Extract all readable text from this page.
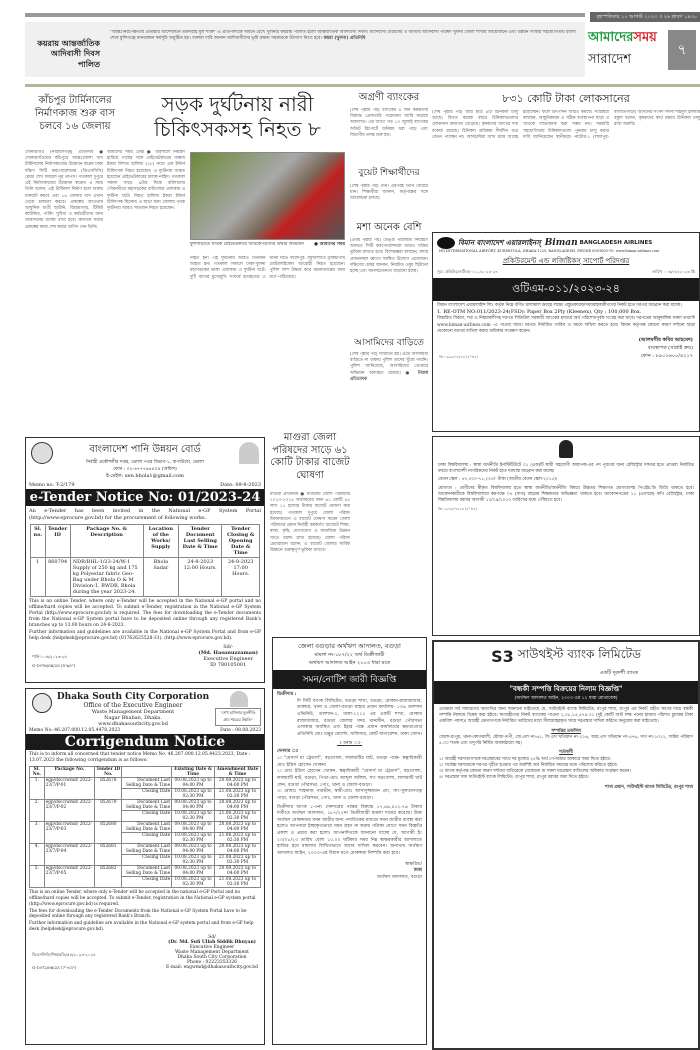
বৃহস্পতিবার ১০ আগস্ট ২০২৩ ॥ ২৬ শ্রাবণ ১৪৩০
কয়রায় আন্তর্জাতিক আদিবাসী দিবস পালিত
"আন্তঃনিরপেক্ষতার প্রতিষ্ঠার আন্দোলনে তরুণরাই মূল শক্তি" এ প্রতিপাদ্যকে সামনে রেখে খুলনার কয়রায় পালিত হলো আন্তর্জাতিক আদিবাসী দিবস। আদিবাসী মেয়েদের ও জাতীয় আদিবাসী পরিষদ খুলনা জেলা শাখার আয়োজনে এবং উন্নয়ন সংস্থার সহযোগিতায় র‍্যালি শেষে মুন্সিগঞ্জে মানববন্ধন কর্মসূচি অনুষ্ঠিত হয়। বক্তারা দাবি জানান আদিবাসীদের ভূমি রক্ষায় সরকারকে উদ্যোগ নিতে হবে। কয়রা (খুলনা) প্রতিনিধি	আমাদেরসময়
সারাদেশ
৭
কাঁচপুর টার্মিনালের নির্মাণকাজ শুরু বাস চলবে ১৬ জেলায়
সোনারগাঁও (নারায়ণগঞ্জ) প্রতিনিধি ● সোনারগাঁওয়ের কাঁচপুরে আন্তঃজেলা বাস টার্মিনালের নির্মাণকাজের উদ্বোধন করেন ঢাকা দক্ষিণ সিটি করপোরেশনের (ডিএসসিসি) মেয়র শেখ ফজলে নূর তাপস। গতকাল দুপুরে এই নির্মাণকাজের উদ্বোধন করেন। এ সময় তিনি বলেন, এই টার্মিনাল নির্মাণ হলে ঢাকার যানজট কমবে এবং ১৬ জেলার বাস এখান থেকে চলাচল করবে। প্রকল্পের আওতায় আধুনিক যাত্রী ছাউনি, বিশ্রামাগার, টিকিট কাউন্টার, পার্কিং সুবিধা ও কর্মচারীদের জন্য আবাসনের ব্যবস্থা রাখা হবে। দ্রুততম সময়ে প্রকল্পের কাজ শেষ করার তাগিদ দেন তিনি।
সড়ক দুর্ঘটনায় নারী চিকিৎসকসহ নিহত ৮
আমাদের সময় ডেস্ক ● বরিশালে নিয়ন্ত্রণ হারিয়ে গাছের সঙ্গে প্রাইভেটকারের ধাক্কায় ইকরা নিশাত হাফিজ (২৮) নামে এক ইন্টার্ন চিকিৎসক নিহত হয়েছেন। এ দুর্ঘটনায় আহত হয়েছেন প্রাইভেটকারের চালক নাহিদ। গতকাল সকাল সাড়ে ৯টার দিকে বরিশালের গৌরনদীতে মহাসড়কের বাটাজোর এলাকায় এ দুর্ঘটনা ঘটে। নিহত হাফিজ ইকরা ইন্টার্ন চিকিৎসক ছিলেন। এ ছাড়া অন্য জেলায় পৃথক দুর্ঘটনায় আরও সাতজন নিহত হয়েছেন।
ফুলবাড়ীতে ঘাতক প্রাইভেটকারে আটকেপড়াদের উদ্ধার অভিযান ● আমাদের সময়
নিহত হন। এই দুর্ঘটনায় আরও তিনজন আহত হন। গতকাল সকালে ঢাকা-খুলনা মহাসড়কের ভাঙ্গা এলাকায় এ দুর্ঘটনা ঘটে। দুটি বাসের মুখোমুখি সংঘর্ষে হতাহতের এ ঘটনা ঘটে। ফরিদপুর: মধুখালীতে ট্রাকচাপায় মোটরসাইকেল আরোহী নিহত হয়েছেন। পুলিশ লাশ উদ্ধার করে ময়নাতদন্তের জন্য মর্গে পাঠিয়েছে।
অগ্রণী ব্যাংকের
(শেষ পৃষ্ঠার পর) ব্যাংকের ৪ জন কর্মকর্তার বিরুদ্ধে প্রেফতারি পরোয়ানা জারি করেছে আদালত। এর আগে গত ১০ জুলাই ব্যাংকের অডিট রিপোর্টে অনিয়ম ধরা পড়ে এবং বিভাগীয় তদন্ত শুরু হয়।
বুয়েট শিক্ষার্থীদের
(শেষ পৃষ্ঠার পর) দেন। এরপরই তিনি বেরিয়ে যান। শিক্ষার্থীরা জানান, কর্তৃপক্ষের সঙ্গে আলোচনা চলছে।
মশা অনেক বেশি
(প্রথম পৃষ্ঠার পর) ডেঙ্গু পরিস্থিতি নিয়ন্ত্রণে আনতে সিটি করপোরেশনকে আরও সক্রিয় ভূমিকা রাখতে হবে। বিশেষজ্ঞরা বলছেন, মশার প্রজননস্থল ধ্বংসে সমন্বিত উদ্যোগ প্রয়োজন। দক্ষিণের মেয়র জানান, নিয়মিত ওষুধ ছিটানো হচ্ছে এবং জনসচেতনতা বাড়ানো হচ্ছে।
আসামিদের বাড়িতে
(শেষ পৃষ্ঠার পর) সংঘটিত হয়। এতে আসামিরা বাড়িতে না থাকায় পুলিশ তাদের খুঁজে পায়নি। পুলিশ জানিয়েছে, আসামিদের গ্রেপ্তারে অভিযান অব্যাহত রয়েছে। ● নিজস্ব প্রতিবেদক
৮৩১ কোটি টাকা লোকসানের
(শেষ পৃষ্ঠার পর) আর মাত্র ৪টি চিনিকল চালু আছে। বিগত কয়েক বছরে চিনিকলগুলোর লোকসান ক্রমাগত বেড়েছে। কৃষকদের আখের দাম বকেয়া রয়েছে। চিনিকল শ্রমিকরা দীর্ঘদিন ধরে বেতন পাচ্ছেন না। আখচাষিরা আখ চাষে আগ্রহ হারাচ্ছেন। ফলে উৎপাদন আরও কমছে। সংশ্লিষ্টরা বলছেন, আধুনিকায়ন ও সঠিক ব্যবস্থাপনা ছাড়া এ খাতকে লাভজনক করা সম্ভব নয়। সরকারি সহযোগিতায় চিনিকলগুলো পুনরায় চালু করার দাবি জানিয়েছেন স্থানীয়রা। নাটোর-১ (লালপুর-বাগাতিপাড়া) আসনের সংসদ সদস্য শহিদুল ইসলাম বকুল বলেন, কৃষকদের স্বার্থ রক্ষায় চিনিকল চালু রাখা জরুরি।
বিমান বাংলাদেশ এয়ারলাইনস্ Biman BANGLADESH AIRLINES
HQ INTERNATIONAL AIRPORT, KURMITOLA, DHAKA-1229, BANGLADESH, PHONE 8901600-19, www.biman-airlines.com
প্রকিউরমেন্ট এন্ড লজিষ্টিকস্ সাপোর্ট পরিদপ্তর
সূত্র: প্রকিউর/ওটিএম-০১১/২০২৩-২৪	তারিখ : ০৬/০৮/২০২৩ খ্রি
ওটিএম-০১১/২০২৩-২৪
বিমান বাংলাদেশ এয়ারলাইন্স লিঃ কর্তৃক নিম্নে বর্ণিত মালামাল ক্রয়ের লক্ষ্যে প্রস্তুতকারক/সরবরাহকারীগণের নিকট হতে দরপত্র আহ্বান করা যাচ্ছে।
1. RE-OTM NO:011/2023-24(FSD): Paper Box 2Ply (Kleenex), Qty : 100,000 Box.
বিস্তারিত বিবরণ, শর্ত ও নিয়মাবলীসহ দরপত্র সিডিউল সরকারী ব্যাংকের মাধ্যমে অর্থ পরিশোধপূর্বক সংগ্রহ করা যাবে। দরপত্রের আনুষাঙ্গিক সকল তথ্যাদি www.biman-airlines.com -এ পাওয়া যাবে। দরপত্র নির্ধারিত তারিখ ও সময়ে দাখিল করতে হবে। বিমান কর্তৃপক্ষ কোনো কারণ দর্শানো ছাড়া যেকোনো দরপত্র বাতিল করার অধিকার সংরক্ষণ করেন।
জি-১৯৯৫/০৮/২৩ (৫"×৪)
(আলমগীর কবির আহমেদ)
ব্যবস্থাপক (সাপ্লাই ক্রয়)
ফোন : ৮৯০১৬০০/৪২১৭

ঢাকা বিশ্ববিদ্যালয় : স্বাস্থ্য অর্থনীতি ইনস্টিটিউটে ০১ (এক)টি স্থায়ী সহযোগী অধ্যাপক-এর পদ পূরণের জন্য রেজিস্ট্রার দফতর হতে প্রাপ্তব্য নির্ধারিত ফরমে বাংলাদেশী নাগরিকদের নিকট হতে দরখাস্ত আহ্বান করা যাচ্ছে।

বেতন স্কেল : ৫০,০০০-৭১,২০০/- টাকা (জাতীয় বেতন স্কেল-২০১৫)।

যোগ্যতা : প্রার্থীদের স্বীকৃত বিশ্ববিদ্যালয় হতে স্বাস্থ্য অর্থনীতি/অর্থনীতি বিষয়ে উচ্চতর শিক্ষাগত যোগ্যতাসহ পিএইচ.ডি ডিগ্রি থাকতে হবে। আবেদনকারীকে বিশ্ববিদ্যালয়ে কমপক্ষে ০৭ (সাত) বছরের শিক্ষকতার অভিজ্ঞতা থাকতে হবে। আবেদনপত্রের ১১ (এগারো) কপি রেজিস্ট্রার, ঢাকা বিশ্ববিদ্যালয় বরাবর আগামী ১০/০৯/২০২৩ তারিখের মধ্যে পৌঁছাতে হবে।

জি-১৯৭৬/০৮/২৩ (৫"×৪)

S3 সাউথইস্ট ব্যাংক লিমিটেড
একটি দূরদর্শী ব্যাংক
"বন্ধকী সম্পত্তি বিক্রয়ের নিলাম বিজ্ঞপ্তি"
(অর্থঋণ আদালত আইন, ২০০৩ এর ১২ ধারা মোতাবেক)

এতদ্বারা সর্ব সাধারণের অবগতির জন্য জানানো যাইতেছে যে, সাউথইস্ট ব্যাংক লিমিটেড, রংপুর শাখা, রংপুর এর নিকট গ্রহীত ঋণের দায়ে বন্ধকী সম্পত্তি নিলামে বিক্রয় করা হইবে। ঋণগ্রহীতার নিকট ব্যাংকের পাওনা ২,০৮,১৫,৫৭৪.৩১ (দুই কোটি আট লক্ষ পনের হাজার পাঁচশত চুয়াত্তর টাকা একত্রিশ পয়সা)। আগ্রহী ক্রেতাগণকে নির্ধারিত তারিখের মধ্যে সীলমোহরকৃত খামে দরপ্রস্তাব দাখিল করিতে অনুরোধ করা যাইতেছে।

সম্পত্তির তফসিল

জেলা-রংপুর, থানা-কোতয়ালী, মৌজা-তপী, জে.এল নং-৬১, সি.এস খতিয়ান নং-২১৬, আর.এস খতিয়ান নং-৪৭৬, দাগ নং-১০২২, জমির পরিমাণ ৫.০০ শতক এবং তদুপরি নির্মিত অবকাঠামো সহ।

শর্তাবলী

১। আগ্রহী দরদাতাগণকে দরপ্রস্তাবের সাথে দর মূল্যের ২৫% অর্থ পে-অর্ডার আকারে জমা দিতে হইবে।

২। সর্বোচ্চ দরদাতাকে দরপত্র গৃহীত হওয়ার পর অবশিষ্ট অর্থ নির্ধারিত সময়ের মধ্যে পরিশোধ করিতে হইবে।

৩। ব্যাংক কর্তৃপক্ষ কোনো কারণ দর্শানো ব্যতিরেকে যেকোনো বা সকল দরপ্রস্তাব বাতিলের অধিকার সংরক্ষণ করেন।

৪। দরপ্রস্তাব খাম সাউথইস্ট ব্যাংক লিমিটেড, রংপুর শাখা, রংপুর বরাবর জমা দিতে হইবে।

শাখা প্রধান, সাউথইস্ট ব্যাংক লিমিটেড, রংপুর শাখা

মাগুরা জেলা পরিষদের সাড়ে ৬১ কোটি টাকার বাজেট ঘোষণা
মাগুরা প্রতিনিধি ● মাগুরায় জেলা পরিষদের ২০২৩-২০২৪ অর্থবছরের জন্য ৬১ কোটি ৪৫ লাখ ১১ হাজার টাকার বাজেট ঘোষণা করা হয়েছে। গতকাল দুপুরে জেলা পরিষদ মিলনায়তনে এ বাজেট ঘোষণা করেন জেলা পরিষদের প্রধান নির্বাহী কর্মকর্তা। বাজেটে শিক্ষা, স্বাস্থ্য, কৃষি, যোগাযোগ ও সামাজিক উন্নয়ন খাতে বরাদ্দ রাখা হয়েছে। জেলা পরিষদ চেয়ারম্যান বলেন, এ বাজেট জেলার সার্বিক উন্নয়নে গুরুত্বপূর্ণ ভূমিকা রাখবে।
বাংলাদেশ পানি উন্নয়ন বোর্ড
নির্বাহী প্রকৌশলীর দপ্তর, ভোলা পওর বিভাগ-১, বাপাউবো, ভোলা
ফোন : ০২-৪৭৭৭৯৪৪০৯ (অফিস)
ই-মেইল: xen.bhola1@gmail.com
Memo no. T-2/179	Date: 09-8-2023
e-Tender Notice No: 01/2023-24
An e-Tender has been invited in the National e-GP System Portal (http://www.eprocure.gov.bd) for the procurement of following works.
Sl. no.	Tender ID	Package No. & Description	Location of the Works/ Supply	Tender Document Last Selling Date & Time	Tender Closing & Opening Date & Time
1	860794	NDR/BHL-1/23-24/W-1 Supply of 250 kg and 175 kg Polyestar fabric Geo-Bag under Bhola O & M Division-1, BWDB, Bhola during the year 2023-24.	Bhola Sadar	24-8-2023 12:00 Hours.	24-8-2023 17:00 Hours.
This is an online Tender, where only e-Tender will be accepted in the National e-GP portal and no offline/hard copies will be accepted. To submit e-Tender, registration in the National e-GP System Portal (http://www.eprocure.gov.bd) is required. The fees for downloading the e-Tender documents from the National e-GP System portal have to be deposited online through any registered Bank's branches up to 13.00 hours on 24-8-2023.
Further information and guidelines are available in the National e-GP System Portal and from e-GP help desk (helpdesk@eprocure.gov.bd) (01762625528-31). (http://www.eprocure.gov.bd).
পানি-১০৬/২০২৩-২৪
G-1976/08/23 (5"x3")
Sd/-
(Md. Hasanuzzaman)
Executive Engineer
ID 780105001
"শেখ হাসিনার মূলনীতি গ্রাম শহরের উন্নতি"
Dhaka South City Corporation
Office of the Executive Engineer
Waste Management Department
Nagar Bhaban, Dhaka.
www.dhakasouthcity.gov.bd
Memo No.-46.207.000.12.05.4478.2023	Date : 08.08.2023
Corrigendum Notice
This is to inform all concerned that tender notice Memo No. 46.207.000.12.05.4423.2023, Date : 13.07.2023 the following corrigendum is as follows:
Sl. No.	Package No.	Tender ID No.		Existing Date & Time	Amendment Date & Time
1.	egp/dscc/wmd/ 2022-23/7/P-01	852678	Document Last Selling Date & Time	09.08.2023 up to 04:00 PM	20.08.2023 up to 04:00 PM
			Closing Date	10.08.2023 up to 02:30 PM	21.08.2023 up to 02:30 PM
2.	egp/dscc/wmd/ 2022-23/7/P-02	852679	Document Last Selling Date & Time	09.08.2023 up to 04:00 PM	20.08.2023 up to 04:00 PM
			Closing Date	10.08.2023 up to 02:30 PM	21.08.2023 up to 02:30 PM
3.	egp/dscc/wmd/ 2022-23/7/P-03	852680	Document Last Selling Date & Time	09.08.2023 up to 04:00 PM	20.08.2023 up to 04:00 PM
			Closing Date	10.08.2023 up to 02:30 PM	21.08.2023 up to 02:30 PM
4.	egp/dscc/wmd/ 2022-23/7/P-04	852681	Document Last Selling Date & Time	09.08.2023 up to 04:00 PM	20.08.2023 up to 04:00 PM
			Closing Date	10.08.2023 up to 02:30 PM	21.08.2023 up to 02:30 PM
5.	egp/dscc/wmd/ 2022-23/7/P-05	852682	Document Last Selling Date & Time	09.08.2023 up to 04:00 PM	20.08.2023 up to 04:00 PM
			Closing Date	10.08.2023 up to 02:30 PM	21.08.2023 up to 02:30 PM

This is an online Tender, where only e-Tender will be accepted in the national e-GP Portal and no offline/hard copies will be accepted. To submit e-Tender, registration in the National e-GP system portal (http://www.eprocure.gov.bd) is required.

The fees for downloading the e-Tender Documents from the National e-GP System Portal have to be deposited online through any registered Bank's Branch.

Further information and guideline are available in the National e-GP system portal and from e-GP help desk (helpdesk@eprocure.gov.bd).

ডিএসসিসি/পিআরডি/৫৪/২০২৩-২০২৪
G-1972/08/23 (7"×3")
Sd/
(Dr. Md. Sufi Ullah Siddik Bhuyan)
Executive Engineer
Waste Management Department
Dhaka South City Corporation
Phone : 02223353326
E-mail: engwmd@dhakasouthcity.gov.bd
জেলা বগুড়ার অর্থঋণ আদালত, বগুড়া
মামলা নং-১৮৭/২২ অর্থ ডিক্রীজারী
অর্থঋণ আদালত আইন ২০০৩ ধারা মতে
সমন/নোটিশ জারী বিজ্ঞপ্তি

ডিক্রীদার :

দি সিটি ব্যাংক লিমিটেড, বগুড়া শাখা, বগুড়া; মোকাম-রাজাবাজার, ডাকঘর, থানা ও জেলা-বগুড়া যাহার প্রধান কার্যালয়- ১৩৬ গুলশান এভিনিউ, গুলশান-২, ঢাকা-১২১২ এর একটি শাখা, মোকাম রাজাবাজার, বগুড়া জেলার সদর থানাধীন, বগুড়া পৌরসভা এলাকায় অবস্থিত এবং ইহার পক্ষে প্রধান কার্যালয়ের ক্ষমতাপ্রাপ্ত প্রতিনিধি মোঃ মঞ্জুর মোর্শেদ, অফিসার, কোর্ট অপারেশন, ঢাকা জোন।

-ঃ বনাম ঃ-

দেনদার ঃ

১। "মেসার্স মা ট্রেডার্স", বড়গোলা, লালমাটির ঘাট, বগুড়া পক্ষে- স্বত্বাধিকারী মোঃ ইদ্রিস হোসেন খোকন।

২। মোঃ ইদ্রিস হোসেন খোকন, স্বত্বাধিকারী "মেসার্স মা ট্রেডার্স", বড়গোলা, লালমাটি ঘাট, বগুড়া, পিতা-মোঃ আব্দুল জলিল, সাং বড়গোলা, লালমাটি ঘাট লেন, বগুড়া পৌরসভা, পোঃ, থানা ও জেলা-বগুড়া।

৩। মোছাঃ শাহনাজ পারভীন, স্বামী-মোঃ আসাদুজ্জামান প্রাং, সাং-সুলতানগঞ্জ পাড়া, বগুড়া পৌরসভা, পোঃ, থানা ও জেলা-বগুড়া।

ডিক্রীদার ব্যাংক ১-৩নং দেনদারের পক্ষের বিরুদ্ধে ১৭,৬৯,৪১২.৭৬ টাকার দাবীতে অর্থঋণ আদালত, ১৮৭/২২নং ডিক্রীজারী মামলা দায়ের করেছে। উক্ত অর্থঋণ মোকদ্দমার সমন জারীর জন্য পদাতিকের মাধ্যমে সমন জারীর ব্যবস্থা করা হলেও আপনারা ইচ্ছাকৃতভাবে সমন গ্রহণ না করায় পত্রিকা যোগে সমন বিজ্ঞপ্তি প্রকাশ ও প্রচার করা হলো। আপনাদিগকে জানানো যাচ্ছে যে, আগামী ইং ২৩/০৮/২৩ তারিখ বেলা ১০.০০ ঘটিকার সময় নিম্ন স্বাক্ষরকারীর আদালতে হাজির হয়ে মামলায় লিখিতভাবে জবাব দাখিল করবেন। অন্যথায় অর্থঋণ আদালত আইন, ২০০৩-এর বিধান মতে মোকদ্দমা নিষ্পত্তি করা হবে।

স্বাক্ষরিত/
জজ
অর্থঋণ আদালত, বগুড়া
